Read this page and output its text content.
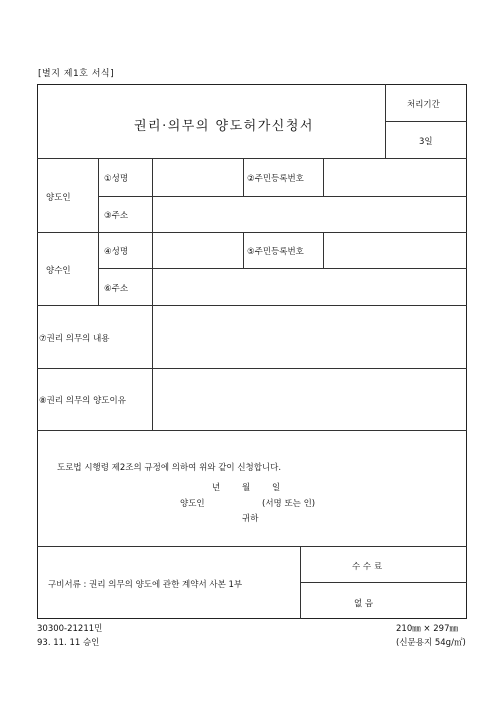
[별지 제1호 서식]
권리·의무의 양도허가신청서
처리기간
3일
양도인
①성명	②주민등록번호
③주소
양수인
④성명	⑤주민등록번호
⑥주소
⑦권리 의무의 내용
⑧권리 의무의 양도이유
도로법 시행령 제2조의 규정에 의하여 위와 같이 신청합니다.
년	월	일
양도인	(서명 또는 인)
귀하
구비서류 : 권리 의무의 양도에 관한 계약서 사본 1부
수 수 료
없 음
30300-21211민
93. 11. 11 승인
210㎜ × 297㎜
(신문용지 54g/㎡)
